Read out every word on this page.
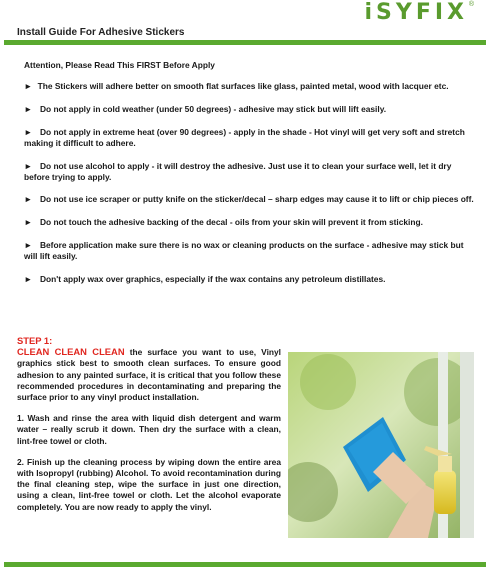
iSYFIX ®
Install Guide For Adhesive Stickers
Attention, Please Read This FIRST Before Apply
► The Stickers will adhere better on smooth flat surfaces like glass, painted metal, wood with lacquer etc.
► Do not apply in cold weather (under 50 degrees) - adhesive may stick but will lift easily.
► Do not apply in extreme heat (over 90 degrees) - apply in the shade - Hot vinyl will get very soft and stretch making it difficult to adhere.
► Do not use alcohol to apply - it will destroy the adhesive. Just use it to clean your surface well, let it dry before trying to apply.
► Do not use ice scraper or putty knife on the sticker/decal – sharp edges may cause it to lift or chip pieces off.
► Do not touch the adhesive backing of the decal - oils from your skin will prevent it from sticking.
► Before application make sure there is no wax or cleaning products on the surface - adhesive may stick but will lift easily.
► Don't apply wax over graphics, especially if the wax contains any petroleum distillates.
STEP 1:

CLEAN CLEAN CLEAN the surface you want to use, Vinyl graphics stick best to smooth clean surfaces. To ensure good adhesion to any painted surface, it is critical that you follow these recommended procedures in decontaminating and preparing the surface prior to any vinyl product installation.

1. Wash and rinse the area with liquid dish detergent and warm water – really scrub it down. Then dry the surface with a clean, lint-free towel or cloth.

2. Finish up the cleaning process by wiping down the entire area with Isopropyl (rubbing) Alcohol. To avoid recontamination during the final cleaning step, wipe the surface in just one direction, using a clean, lint-free towel or cloth. Let the alcohol evaporate completely. You are now ready to apply the vinyl.
